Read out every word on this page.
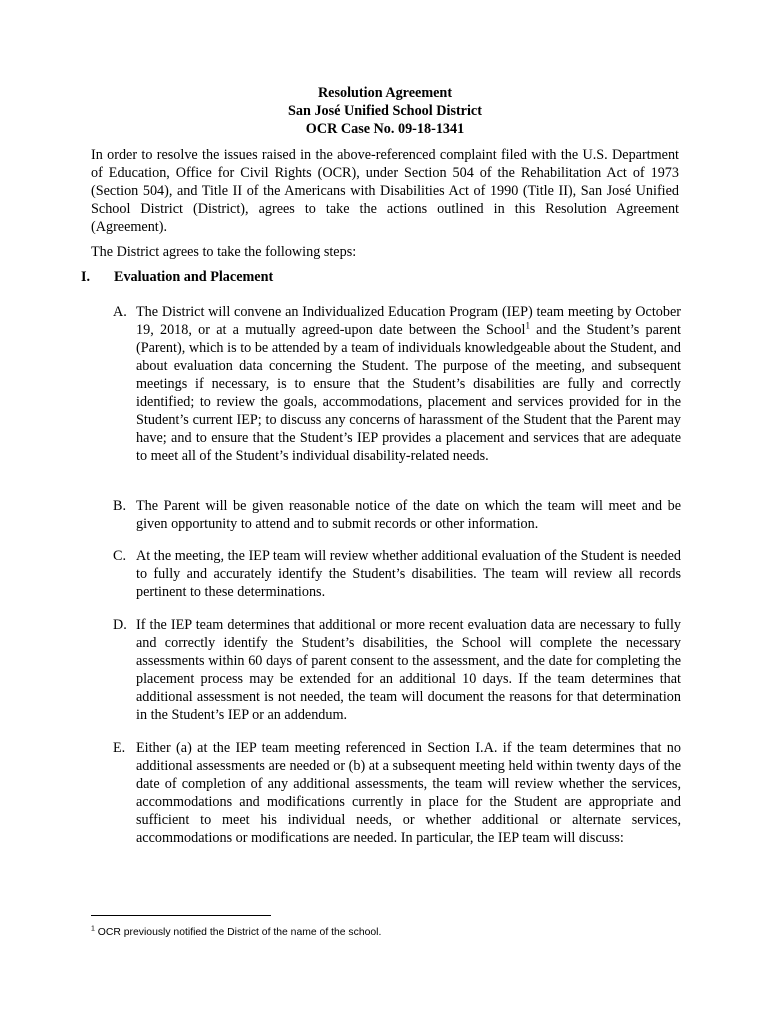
Resolution Agreement
San José Unified School District
OCR Case No. 09-18-1341

In order to resolve the issues raised in the above-referenced complaint filed with the U.S. Department of Education, Office for Civil Rights (OCR), under Section 504 of the Rehabilitation Act of 1973 (Section 504), and Title II of the Americans with Disabilities Act of 1990 (Title II), San José Unified School District (District), agrees to take the actions outlined in this Resolution Agreement (Agreement).

The District agrees to take the following steps:

I. Evaluation and Placement
A. The District will convene an Individualized Education Program (IEP) team meeting by October 19, 2018, or at a mutually agreed-upon date between the School$^1$ and the Student’s parent (Parent), which is to be attended by a team of individuals knowledgeable about the Student, and about evaluation data concerning the Student. The purpose of the meeting, and subsequent meetings if necessary, is to ensure that the Student’s disabilities are fully and correctly identified; to review the goals, accommodations, placement and services provided for in the Student’s current IEP; to discuss any concerns of harassment of the Student that the Parent may have; and to ensure that the Student’s IEP provides a placement and services that are adequate to meet all of the Student’s individual disability-related needs.
B. The Parent will be given reasonable notice of the date on which the team will meet and be given opportunity to attend and to submit records or other information.
C. At the meeting, the IEP team will review whether additional evaluation of the Student is needed to fully and accurately identify the Student’s disabilities. The team will review all records pertinent to these determinations.
D. If the IEP team determines that additional or more recent evaluation data are necessary to fully and correctly identify the Student’s disabilities, the School will complete the necessary assessments within 60 days of parent consent to the assessment, and the date for completing the placement process may be extended for an additional 10 days. If the team determines that additional assessment is not needed, the team will document the reasons for that determination in the Student’s IEP or an addendum.
E. Either (a) at the IEP team meeting referenced in Section I.A. if the team determines that no additional assessments are needed or (b) at a subsequent meeting held within twenty days of the date of completion of any additional assessments, the team will review whether the services, accommodations and modifications currently in place for the Student are appropriate and sufficient to meet his individual needs, or whether additional or alternate services, accommodations or modifications are needed. In particular, the IEP team will discuss:
$^1$ OCR previously notified the District of the name of the school.
